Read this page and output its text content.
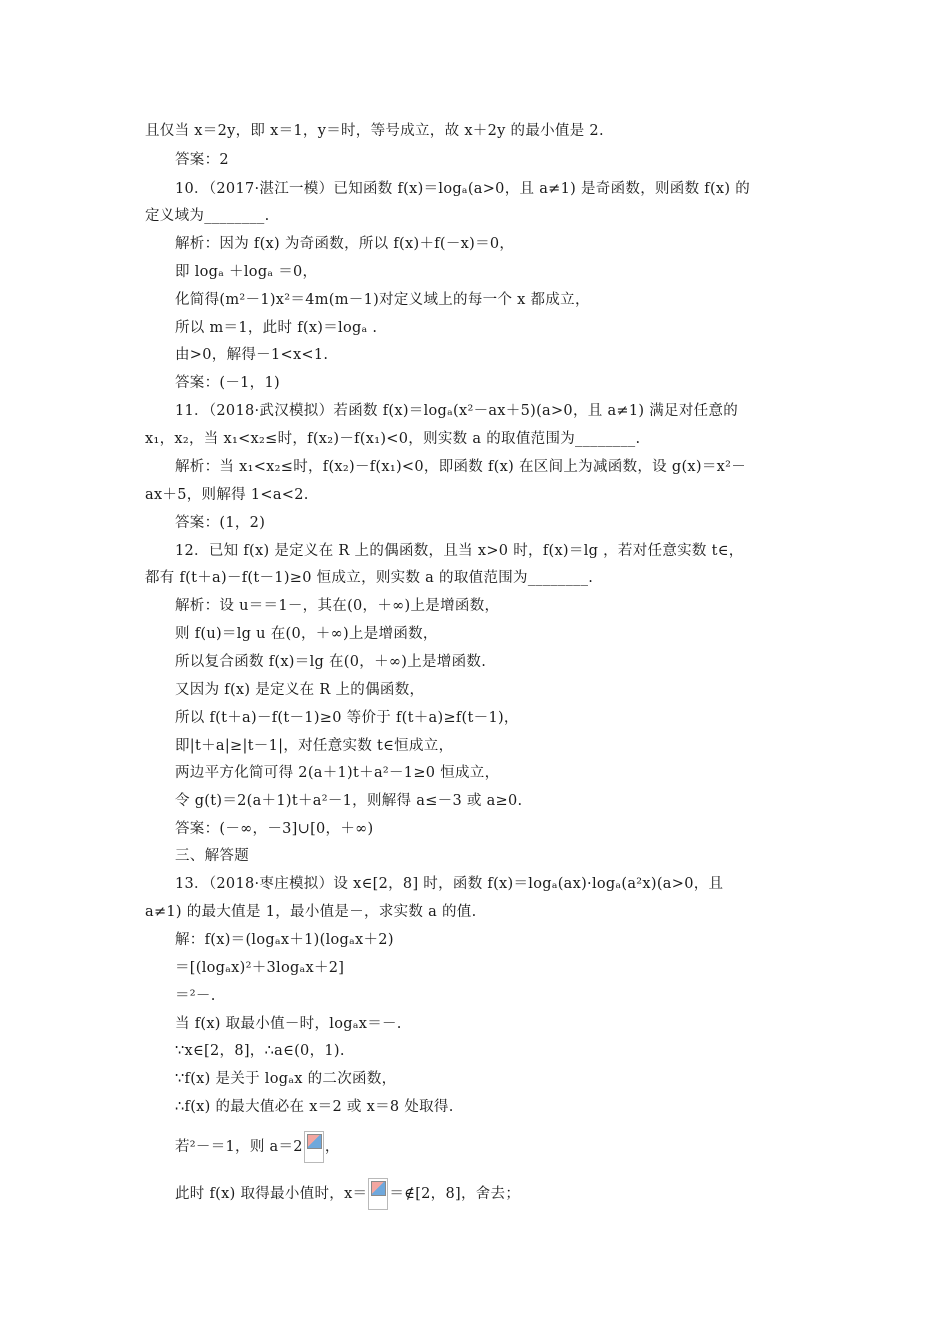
且仅当 x＝2y，即 x＝1，y＝时，等号成立，故 x＋2y 的最小值是 2.
答案：2
10．（2017·湛江一模）已知函数 f(x)＝logₐ(a>0，且 a≠1) 是奇函数，则函数 f(x) 的
定义域为________.
解析：因为 f(x) 为奇函数，所以 f(x)＋f(－x)＝0，
即 logₐ ＋logₐ ＝0，
化简得(m²－1)x²＝4m(m－1)对定义域上的每一个 x 都成立，
所以 m＝1，此时 f(x)＝logₐ .
由>0，解得－1<x<1.
答案：(－1，1)
11．（2018·武汉模拟）若函数 f(x)＝logₐ(x²－ax＋5)(a>0，且 a≠1) 满足对任意的
x₁，x₂，当 x₁<x₂≤时，f(x₂)－f(x₁)<0，则实数 a 的取值范围为________.
解析：当 x₁<x₂≤时，f(x₂)－f(x₁)<0，即函数 f(x) 在区间上为减函数，设 g(x)＝x²－
ax＋5，则解得 1<a<2.
答案：(1，2)
12．已知 f(x) 是定义在 R 上的偶函数，且当 x>0 时，f(x)＝lg ，若对任意实数 t∈，
都有 f(t＋a)－f(t－1)≥0 恒成立，则实数 a 的取值范围为________.
解析：设 u＝＝1－，其在(0，＋∞)上是增函数，
则 f(u)＝lg u 在(0，＋∞)上是增函数，
所以复合函数 f(x)＝lg 在(0，＋∞)上是增函数.
又因为 f(x) 是定义在 R 上的偶函数，
所以 f(t＋a)－f(t－1)≥0 等价于 f(t＋a)≥f(t－1)，
即|t＋a|≥|t－1|，对任意实数 t∈恒成立，
两边平方化简可得 2(a＋1)t＋a²－1≥0 恒成立，
令 g(t)＝2(a＋1)t＋a²－1，则解得 a≤－3 或 a≥0.
答案：(－∞，－3]∪[0，＋∞)
三、解答题
13．（2018·枣庄模拟）设 x∈[2，8] 时，函数 f(x)＝logₐ(ax)·logₐ(a²x)(a>0，且
a≠1) 的最大值是 1，最小值是－，求实数 a 的值.
解：f(x)＝(logₐx＋1)(logₐx＋2)
＝[(logₐx)²＋3logₐx＋2]
＝²－.
当 f(x) 取最小值－时，logₐx＝－.
∵x∈[2，8]，∴a∈(0，1).
∵f(x) 是关于 logₐx 的二次函数，
∴f(x) 的最大值必在 x＝2 或 x＝8 处取得.
若²－＝1，则 a＝2 ，
此时 f(x) 取得最小值时，x＝ ＝∉[2，8]，舍去；
